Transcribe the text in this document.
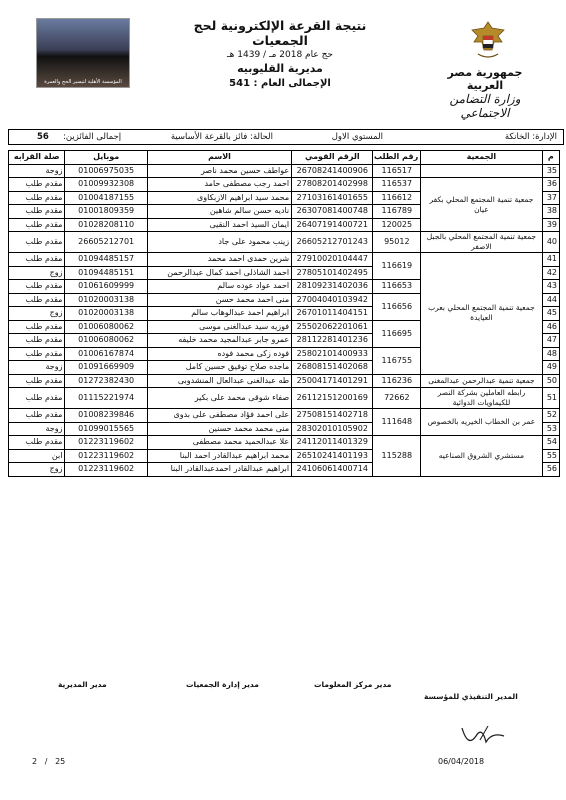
المؤسسة الأهلية لتيسير الحج والعمرة
نتيجة القرعة الإلكترونية لحج الجمعيات
حج عام 2018 مـ / 1439 هـ
مديرية القليوبيه
الإجمالى العام : 541
جمهورية مصر العربية
وزارة التضامن الاجتماعي
الإدارة: الخانكة
المستوي الاول
الحالة: فائز بالقرعة الأساسية
إجمالى الفائزين:
56
م	الجمعية	رقم الطلب	الرقم القومي	الاسم	موبايل	صلة القرابه
35		116517	26708241400906	عواطف حسين محمد ناصر	01006975035	زوجة
36	جمعية تنمية المجتمع المحلي بكفر عيان	116537	27808201402998	احمد رجب مصطفى حامد	01009932308	مقدم طلب
37		116612	27103161401655	محمد سيد ابراهيم الازبكاوى	01004187155	مقدم طلب
38		116789	26307081400748	ناديه حسن سالم شاهين	01001809359	مقدم طلب
39		120025	26407191400721	ايمان السيد احمد النقيى	01028208110	مقدم طلب
40	جمعية تنمية المجتمع المحلي بالجبل الاصفر	95012	26605212701243	زينب محمود على جاد	26605212701	مقدم طلب
41	جمعية تنمية المجتمع المحلي بعرب العيايدة	116619	27910020104447	شرين حمدى احمد محمد	01094485157	مقدم طلب
42			27805101402495	احمد الشاذلى احمد كمال عبدالرحمن	01094485151	زوج
43		116653	28109231402036	احمد عواد عوده سالم	01061609999	مقدم طلب
44		116656	27004040103942	منى احمد محمد حسن	01020003138	مقدم طلب
45			26701011404151	ابراهيم احمد عبدالوهاب سالم	01020003138	زوج
46		116695	25502062201061	فوزيه سيد عبدالغنى موسى	01006080062	مقدم طلب
47			28112281401236	عمرو جابر عبدالمجيد محمد خليفه	01006080062	مقدم طلب
48		116755	25802101400933	فوده زكى محمد فوده	01006167874	مقدم طلب
49			26808151402068	ماجده صلاح توفيق حسين كامل	01091669909	زوجة
50	جمعية تنمية عبدالرحمن عبدالمغنى	116236	25004171401291	طه عبدالغنى عبدالعال المنشدوبى	01272382430	مقدم طلب
51	رابطه العاملين بشركة النصر للكيماويات الدوائية	72662	26112151200169	صفاء شوقى محمد على بكير	01115221974	مقدم طلب
52	عمر بن الخطاب الخيريه بالخصوص	111648	27508151402718	على احمد فؤاد مصطفى على بدوى	01008239846	مقدم طلب
53			28302010105902	منى محمد محمد حسنين	01099015565	زوجة
54	مستشري الشروق الصناعيه	115288	24112011401329	علا عبدالحميد محمد مصطفى	01223119602	مقدم طلب
55			26510241401193	محمد ابراهيم عبدالقادر احمد البنا	01223119602	ابن
56			24106061400714	ابراهيم عبدالقادر احمدعبدالقادر البنا	01223119602	زوج
مدير المديرية	مدير إدارة الجمعيات	مدير مركز المعلومات
المدير التنفيذي للمؤسسة
2 / 25	06/04/2018
